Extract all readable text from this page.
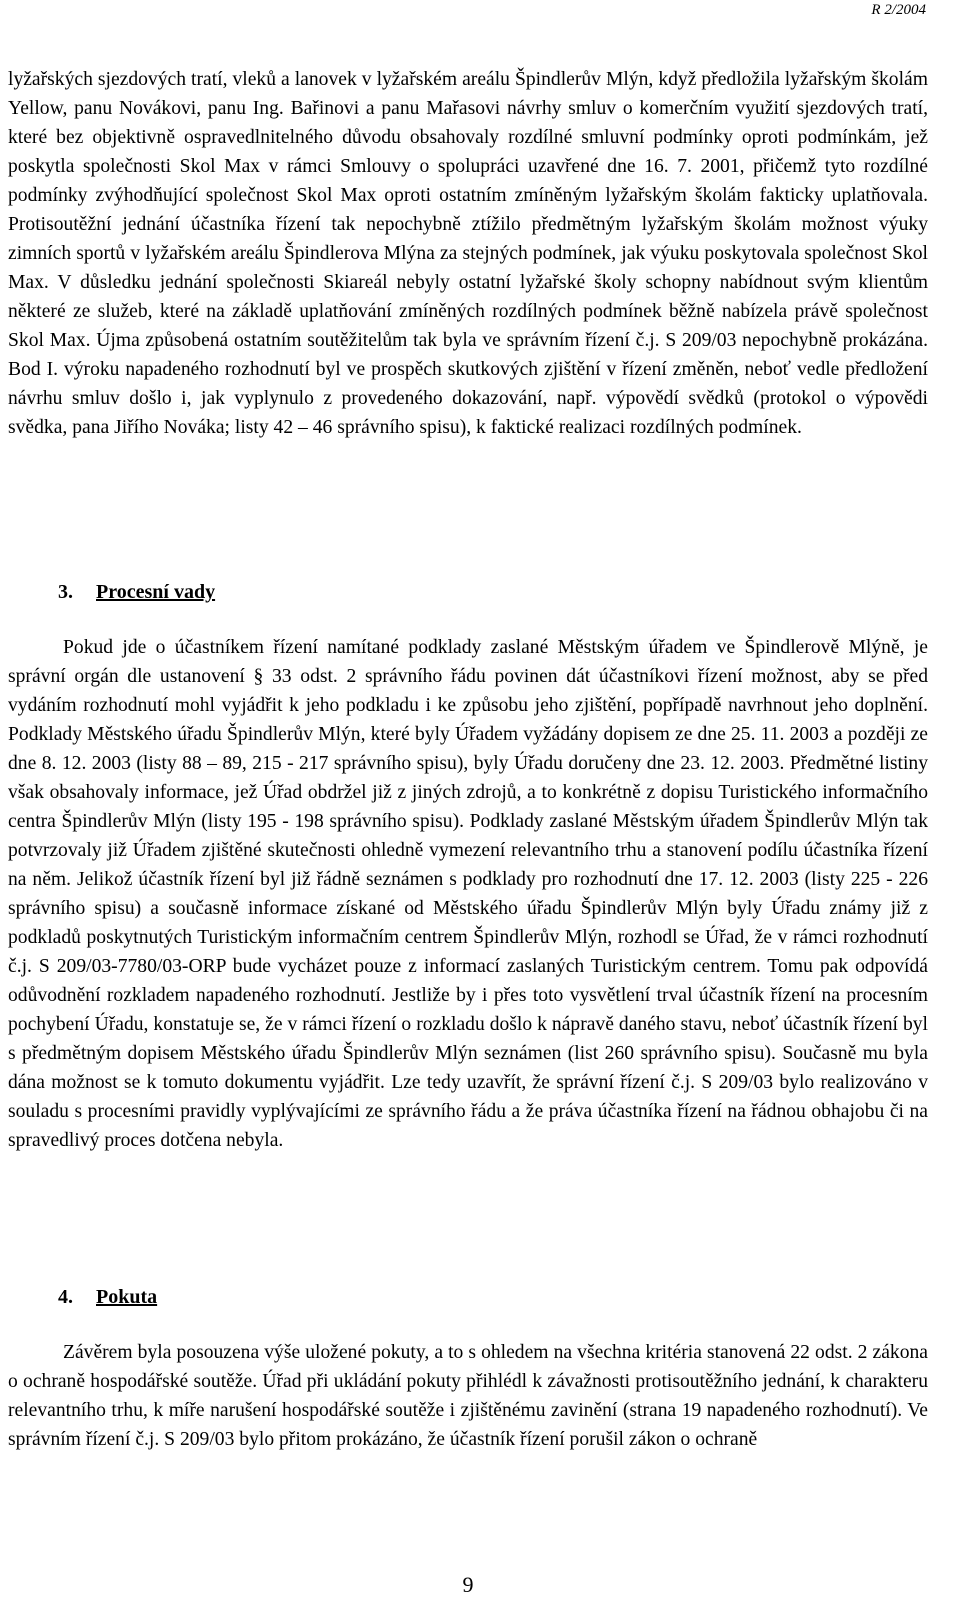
R 2/2004

lyžařských sjezdových tratí, vleků a lanovek v lyžařském areálu Špindlerův Mlýn, když předložila lyžařským školám Yellow, panu Novákovi, panu Ing. Bařinovi a panu Mařasovi návrhy smluv o komerčním využití sjezdových tratí, které bez objektivně ospravedlnitelného důvodu obsahovaly rozdílné smluvní podmínky oproti podmínkám, jež poskytla společnosti Skol Max v rámci Smlouvy o spolupráci uzavřené dne 16. 7. 2001, přičemž tyto rozdílné podmínky zvýhodňující společnost Skol Max oproti ostatním zmíněným lyžařským školám fakticky uplatňovala. Protisoutěžní jednání účastníka řízení tak nepochybně ztížilo předmětným lyžařským školám možnost výuky zimních sportů v lyžařském areálu Špindlerova Mlýna za stejných podmínek, jak výuku poskytovala společnost Skol Max. V důsledku jednání společnosti Skiareál nebyly ostatní lyžařské školy schopny nabídnout svým klientům některé ze služeb, které na základě uplatňování zmíněných rozdílných podmínek běžně nabízela právě společnost Skol Max. Újma způsobená ostatním soutěžitelům tak byla ve správním řízení č.j. S 209/03 nepochybně prokázána. Bod I. výroku napadeného rozhodnutí byl ve prospěch skutkových zjištění v řízení změněn, neboť vedle předložení návrhu smluv došlo i, jak vyplynulo z provedeného dokazování, např. výpovědí svědků (protokol o výpovědi svědka, pana Jiřího Nováka; listy 42 – 46 správního spisu), k faktické realizaci rozdílných podmínek.

3. Procesní vady

Pokud jde o účastníkem řízení namítané podklady zaslané Městským úřadem ve Špindlerově Mlýně, je správní orgán dle ustanovení § 33 odst. 2 správního řádu povinen dát účastníkovi řízení možnost, aby se před vydáním rozhodnutí mohl vyjádřit k jeho podkladu i ke způsobu jeho zjištění, popřípadě navrhnout jeho doplnění. Podklady Městského úřadu Špindlerův Mlýn, které byly Úřadem vyžádány dopisem ze dne 25. 11. 2003 a později ze dne 8. 12. 2003 (listy 88 – 89, 215 - 217 správního spisu), byly Úřadu doručeny dne 23. 12. 2003. Předmětné listiny však obsahovaly informace, jež Úřad obdržel již z jiných zdrojů, a to konkrétně z dopisu Turistického informačního centra Špindlerův Mlýn (listy 195 - 198 správního spisu). Podklady zaslané Městským úřadem Špindlerův Mlýn tak potvrzovaly již Úřadem zjištěné skutečnosti ohledně vymezení relevantního trhu a stanovení podílu účastníka řízení na něm. Jelikož účastník řízení byl již řádně seznámen s podklady pro rozhodnutí dne 17. 12. 2003 (listy 225 - 226 správního spisu) a současně informace získané od Městského úřadu Špindlerův Mlýn byly Úřadu známy již z podkladů poskytnutých Turistickým informačním centrem Špindlerův Mlýn, rozhodl se Úřad, že v rámci rozhodnutí č.j. S 209/03-7780/03-ORP bude vycházet pouze z informací zaslaných Turistickým centrem. Tomu pak odpovídá odůvodnění rozkladem napadeného rozhodnutí. Jestliže by i přes toto vysvětlení trval účastník řízení na procesním pochybení Úřadu, konstatuje se, že v rámci řízení o rozkladu došlo k nápravě daného stavu, neboť účastník řízení byl s předmětným dopisem Městského úřadu Špindlerův Mlýn seznámen (list 260 správního spisu). Současně mu byla dána možnost se k tomuto dokumentu vyjádřit. Lze tedy uzavřít, že správní řízení č.j. S 209/03 bylo realizováno v souladu s procesními pravidly vyplývajícími ze správního řádu a že práva účastníka řízení na řádnou obhajobu či na spravedlivý proces dotčena nebyla.

4. Pokuta

Závěrem byla posouzena výše uložené pokuty, a to s ohledem na všechna kritéria stanovená 22 odst. 2 zákona o ochraně hospodářské soutěže. Úřad při ukládání pokuty přihlédl k závažnosti protisoutěžního jednání, k charakteru relevantního trhu, k míře narušení hospodářské soutěže i zjištěnému zavinění (strana 19 napadeného rozhodnutí). Ve správním řízení č.j. S 209/03 bylo přitom prokázáno, že účastník řízení porušil zákon o ochraně

9
